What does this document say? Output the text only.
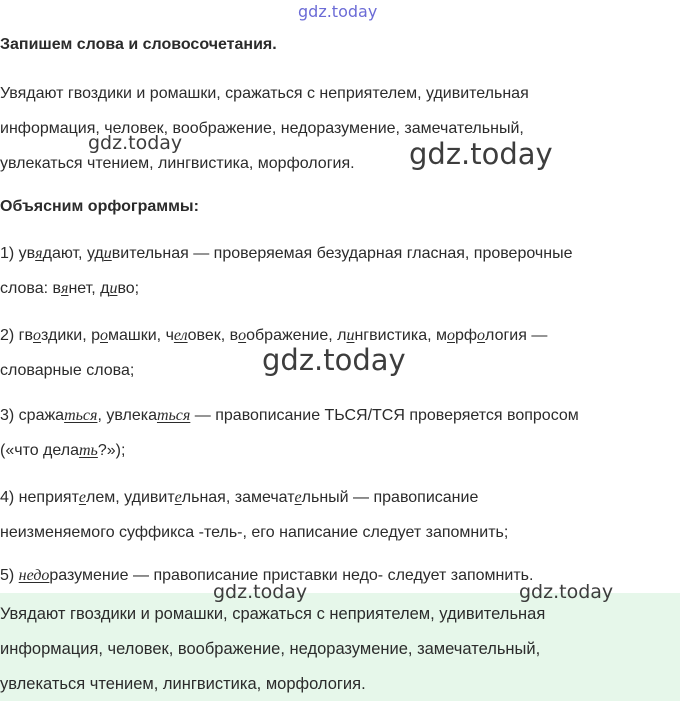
gdz.today
Запишем слова и словосочетания.

Увядают гвоздики и ромашки, сражаться с неприятелем, удивительная

информация, человек, воображение, недоразумение, замечательный,

увлекаться чтением, лингвистика, морфология.

gdz.today	gdz.today
Объясним орфограммы:

1) увядают, удивительная — проверяемая безударная гласная, проверочные

слова: вянет, диво;

2) гвоздики, ромашки, человек, воображение, лингвистика, морфология —

словарные слова;	gdz.today

3) сражаться, увлекаться — правописание ТЬСЯ/ТСЯ проверяется вопросом

(«что делать?»);

4) неприятелем, удивительная, замечательный — правописание

неизменяемого суффикса -тель-, его написание следует запомнить;

5) недоразумение — правописание приставки недо- следует запомнить.

Увядают гвоздики и ромашки, сражаться с неприятелем, удивительная

информация, человек, воображение, недоразумение, замечательный,

увлекаться чтением, лингвистика, морфология.

gdz.today	gdz.today
